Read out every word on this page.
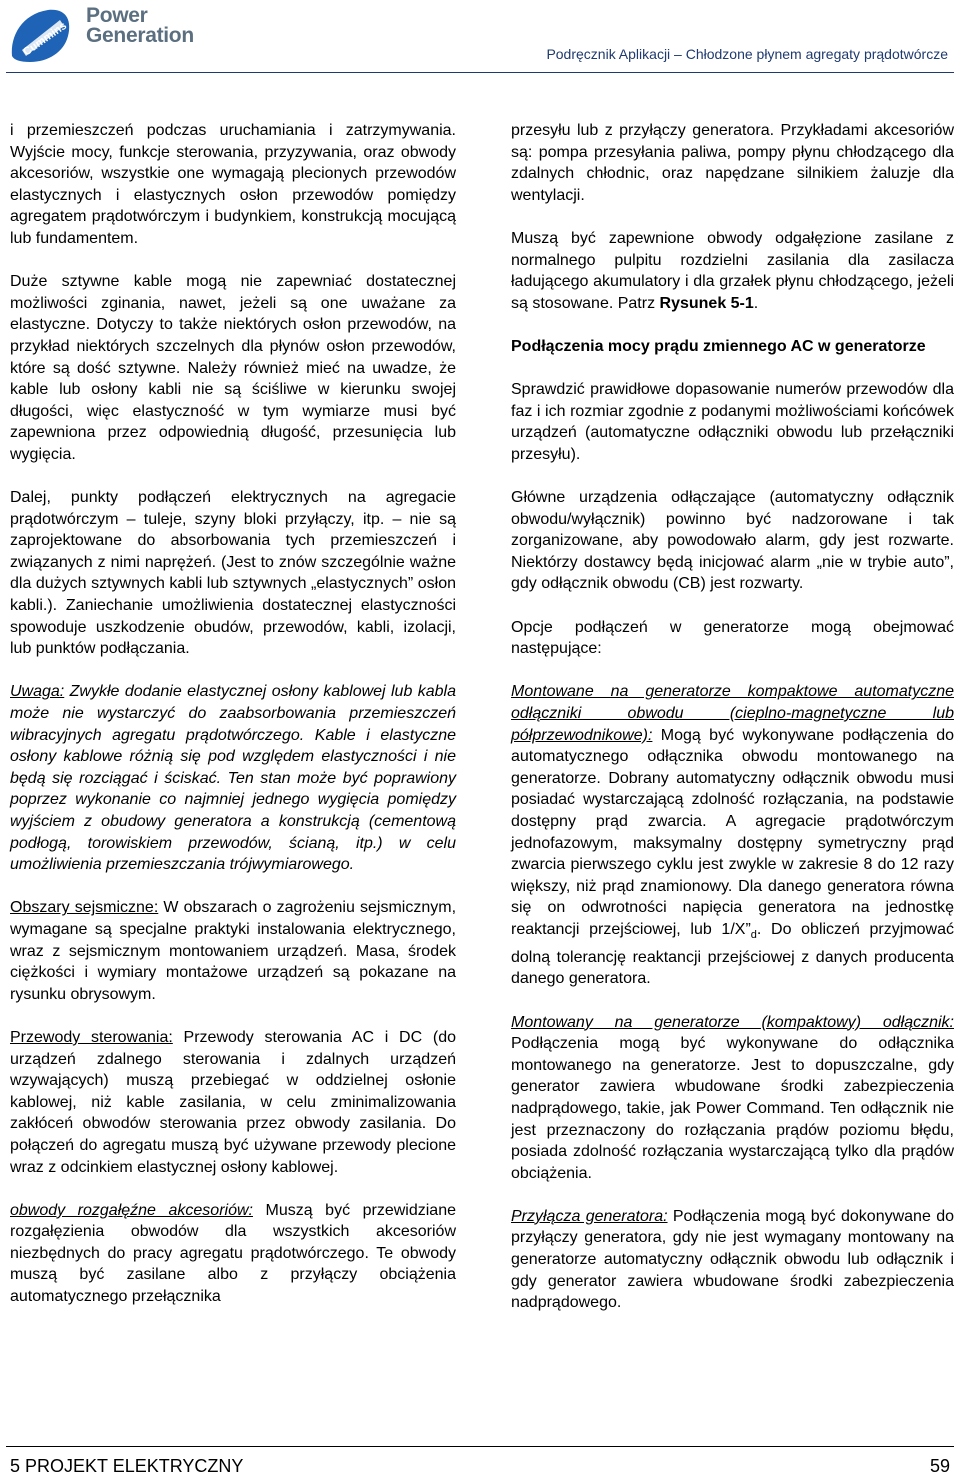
Cummins
Power
Generation
Podręcznik Aplikacji – Chłodzone płynem agregaty prądotwórcze

i przemieszczeń podczas uruchamiania i zatrzymywania. Wyjście mocy, funkcje sterowania, przyzywania, oraz obwody akcesoriów, wszystkie one wymagają plecionych przewodów elastycznych i elastycznych osłon przewodów pomiędzy agregatem prądotwórczym i budynkiem, konstrukcją mocującą lub fundamentem.

Duże sztywne kable mogą nie zapewniać dostatecznej możliwości zginania, nawet, jeżeli są one uważane za elastyczne. Dotyczy to także niektórych osłon przewodów, na przykład niektórych szczelnych dla płynów osłon przewodów, które są dość sztywne. Należy również mieć na uwadze, że kable lub osłony kabli nie są ściśliwe w kierunku swojej długości, więc elastyczność w tym wymiarze musi być zapewniona przez odpowiednią długość, przesunięcia lub wygięcia.

Dalej, punkty podłączeń elektrycznych na agregacie prądotwórczym – tuleje, szyny bloki przyłączy, itp. – nie są zaprojektowane do absorbowania tych przemieszczeń i związanych z nimi naprężeń. (Jest to znów szczególnie ważne dla dużych sztywnych kabli lub sztywnych „elastycznych” osłon kabli.). Zaniechanie umożliwienia dostatecznej elastyczności spowoduje uszkodzenie obudów, przewodów, kabli, izolacji, lub punktów podłączania.

Uwaga: Zwykłe dodanie elastycznej osłony kablowej lub kabla może nie wystarczyć do zaabsorbowania przemieszczeń wibracyjnych agregatu prądotwórczego. Kable i elastyczne osłony kablowe różnią się pod względem elastyczności i nie będą się rozciągać i ściskać. Ten stan może być poprawiony poprzez wykonanie co najmniej jednego wygięcia pomiędzy wyjściem z obudowy generatora a konstrukcją (cementową podłogą, torowiskiem przewodów, ścianą, itp.) w celu umożliwienia przemieszczania trójwymiarowego.

Obszary sejsmiczne: W obszarach o zagrożeniu sejsmicznym, wymagane są specjalne praktyki instalowania elektrycznego, wraz z sejsmicznym montowaniem urządzeń. Masa, środek ciężkości i wymiary montażowe urządzeń są pokazane na rysunku obrysowym.

Przewody sterowania: Przewody sterowania AC i DC (do urządzeń zdalnego sterowania i zdalnych urządzeń wzywających) muszą przebiegać w oddzielnej osłonie kablowej, niż kable zasilania, w celu zminimalizowania zakłóceń obwodów sterowania przez obwody zasilania. Do połączeń do agregatu muszą być używane przewody plecione wraz z odcinkiem elastycznej osłony kablowej.

obwody rozgałęźne akcesoriów: Muszą być przewidziane rozgałęzienia obwodów dla wszystkich akcesoriów niezbędnych do pracy agregatu prądotwórczego. Te obwody muszą być zasilane albo z przyłączy obciążenia automatycznego przełącznika

przesyłu lub z przyłączy generatora. Przykładami akcesoriów są: pompa przesyłania paliwa, pompy płynu chłodzącego dla zdalnych chłodnic, oraz napędzane silnikiem żaluzje dla wentylacji.

Muszą być zapewnione obwody odgałęzione zasilane z normalnego pulpitu rozdzielni zasilania dla zasilacza ładującego akumulatory i dla grzałek płynu chłodzącego, jeżeli są stosowane. Patrz Rysunek 5-1.

Podłączenia mocy prądu zmiennego AC w generatorze

Sprawdzić prawidłowe dopasowanie numerów przewodów dla faz i ich rozmiar zgodnie z podanymi możliwościami końcówek urządzeń (automatyczne odłączniki obwodu lub przełączniki przesyłu).

Główne urządzenia odłączające (automatyczny odłącznik obwodu/wyłącznik) powinno być nadzorowane i tak zorganizowane, aby powodowało alarm, gdy jest rozwarte. Niektórzy dostawcy będą inicjować alarm „nie w trybie auto”, gdy odłącznik obwodu (CB) jest rozwarty.

Opcje podłączeń w generatorze mogą obejmować następujące:

Montowane na generatorze kompaktowe automatyczne odłączniki obwodu (cieplno-magnetyczne lub półprzewodnikowe): Mogą być wykonywane podłączenia do automatycznego odłącznika obwodu montowanego na generatorze. Dobrany automatyczny odłącznik obwodu musi posiadać wystarczającą zdolność rozłączania, na podstawie dostępny prąd zwarcia. A agregacie prądotwórczym jednofazowym, maksymalny dostępny symetryczny prąd zwarcia pierwszego cyklu jest zwykle w zakresie 8 do 12 razy większy, niż prąd znamionowy. Dla danego generatora równa się on odwrotności napięcia generatora na jednostkę reaktancji przejściowej, lub $1/X”_d$. Do obliczeń przyjmować dolną tolerancję reaktancji przejściowej z danych producenta danego generatora.

Montowany na generatorze (kompaktowy) odłącznik: Podłączenia mogą być wykonywane do odłącznika montowanego na generatorze. Jest to dopuszczalne, gdy generator zawiera wbudowane środki zabezpieczenia nadprądowego, takie, jak Power Command. Ten odłącznik nie jest przeznaczony do rozłączania prądów poziomu błędu, posiada zdolność rozłączania wystarczającą tylko dla prądów obciążenia.

Przyłącza generatora: Podłączenia mogą być dokonywane do przyłączy generatora, gdy nie jest wymagany montowany na generatorze automatyczny odłącznik obwodu lub odłącznik i gdy generator zawiera wbudowane środki zabezpieczenia nadprądowego.

5 PROJEKT ELEKTRYCZNY	59
